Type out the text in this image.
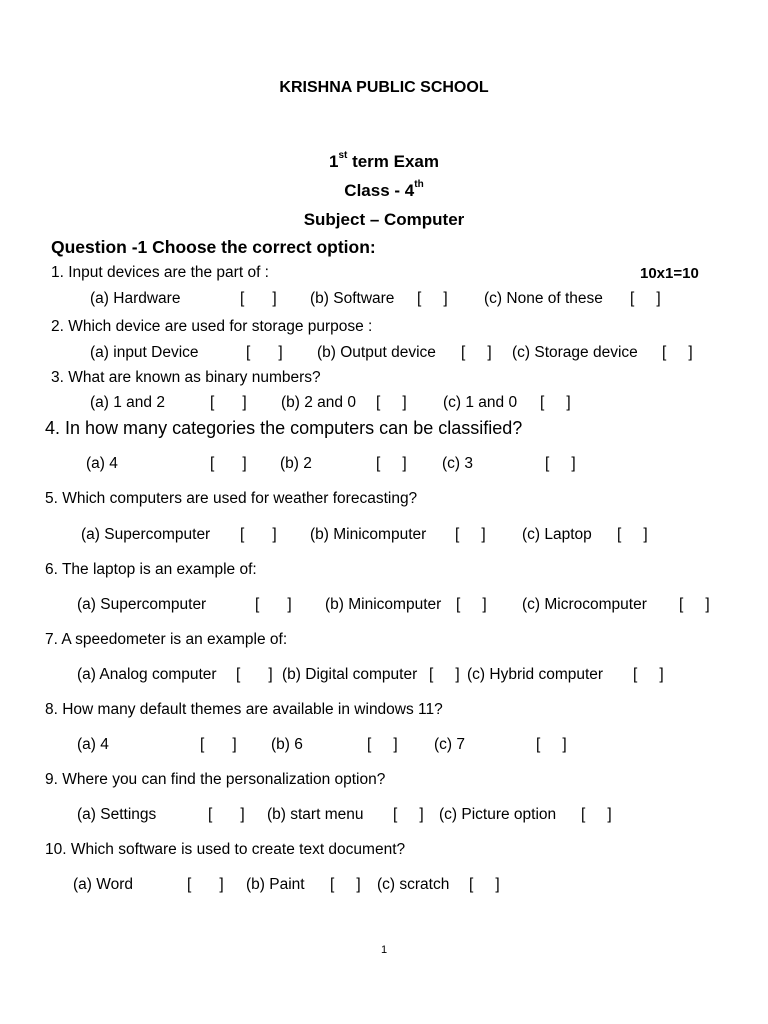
KRISHNA PUBLIC SCHOOL
1st term Exam
Class - 4th
Subject – Computer
Question -1 Choose the correct option:
10x1=10
1. Input devices are the part of :
(a) Hardware	[ ] (b) Software [ ] (c) None of these [ ]
2. Which device are used for storage purpose :
(a) input Device	[ ] (b) Output device [ ] (c) Storage device [ ]
3. What are known as binary numbers?
(a) 1 and 2	[ ] (b) 2 and 0 [ ] (c) 1 and 0 [ ]
4. In how many categories the computers can be classified?
(a) 4	[ ] (b) 2	[ ] (c) 3	[ ]
5. Which computers are used for weather forecasting?
(a) Supercomputer [ ] (b) Minicomputer [ ] (c) Laptop [ ]
6. The laptop is an example of:
(a) Supercomputer	[ ] (b) Minicomputer [ ] (c) Microcomputer [ ]
7. A speedometer is an example of:
(a) Analog computer [ ] (b) Digital computer [ ] (c) Hybrid computer [ ]
8. How many default themes are available in windows 11?
(a) 4	[ ] (b) 6	[ ] (c) 7	[ ]
9. Where you can find the personalization option?
(a) Settings	[ ] (b) start menu [ ] (c) Picture option [ ]
10. Which software is used to create text document?
(a) Word	[ ] (b) Paint [ ] (c) scratch [ ]
1
